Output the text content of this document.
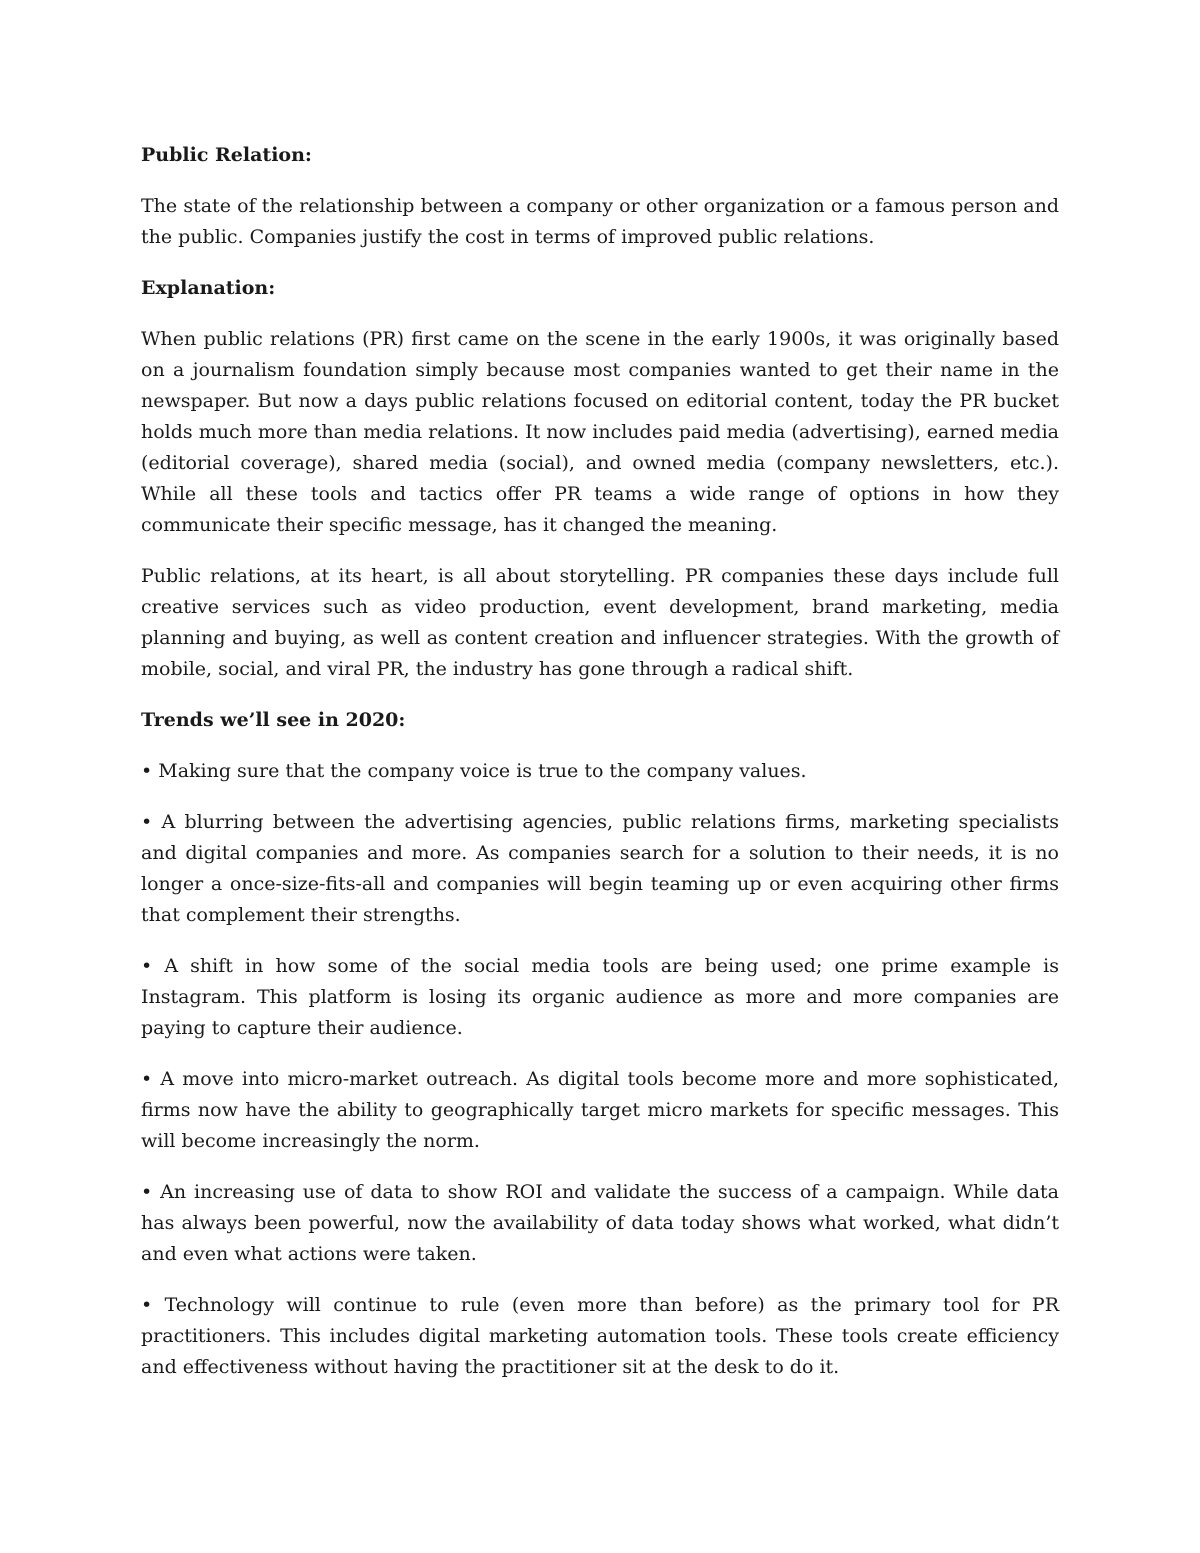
Public Relation:

The state of the relationship between a company or other organization or a famous person and the public. Companies justify the cost in terms of improved public relations.

Explanation:

When public relations (PR) first came on the scene in the early 1900s, it was originally based on a journalism foundation simply because most companies wanted to get their name in the newspaper. But now a days public relations focused on editorial content, today the PR bucket holds much more than media relations. It now includes paid media (advertising), earned media (editorial coverage), shared media (social), and owned media (company newsletters, etc.). While all these tools and tactics offer PR teams a wide range of options in how they communicate their specific message, has it changed the meaning.

Public relations, at its heart, is all about storytelling. PR companies these days include full creative services such as video production, event development, brand marketing, media planning and buying, as well as content creation and influencer strategies. With the growth of mobile, social, and viral PR, the industry has gone through a radical shift.

Trends we’ll see in 2020:

• Making sure that the company voice is true to the company values.

• A blurring between the advertising agencies, public relations firms, marketing specialists and digital companies and more. As companies search for a solution to their needs, it is no longer a once-size-fits-all and companies will begin teaming up or even acquiring other firms that complement their strengths.

• A shift in how some of the social media tools are being used; one prime example is Instagram. This platform is losing its organic audience as more and more companies are paying to capture their audience.

• A move into micro-market outreach. As digital tools become more and more sophisticated, firms now have the ability to geographically target micro markets for specific messages. This will become increasingly the norm.

• An increasing use of data to show ROI and validate the success of a campaign. While data has always been powerful, now the availability of data today shows what worked, what didn’t and even what actions were taken.

• Technology will continue to rule (even more than before) as the primary tool for PR practitioners. This includes digital marketing automation tools. These tools create efficiency and effectiveness without having the practitioner sit at the desk to do it.
